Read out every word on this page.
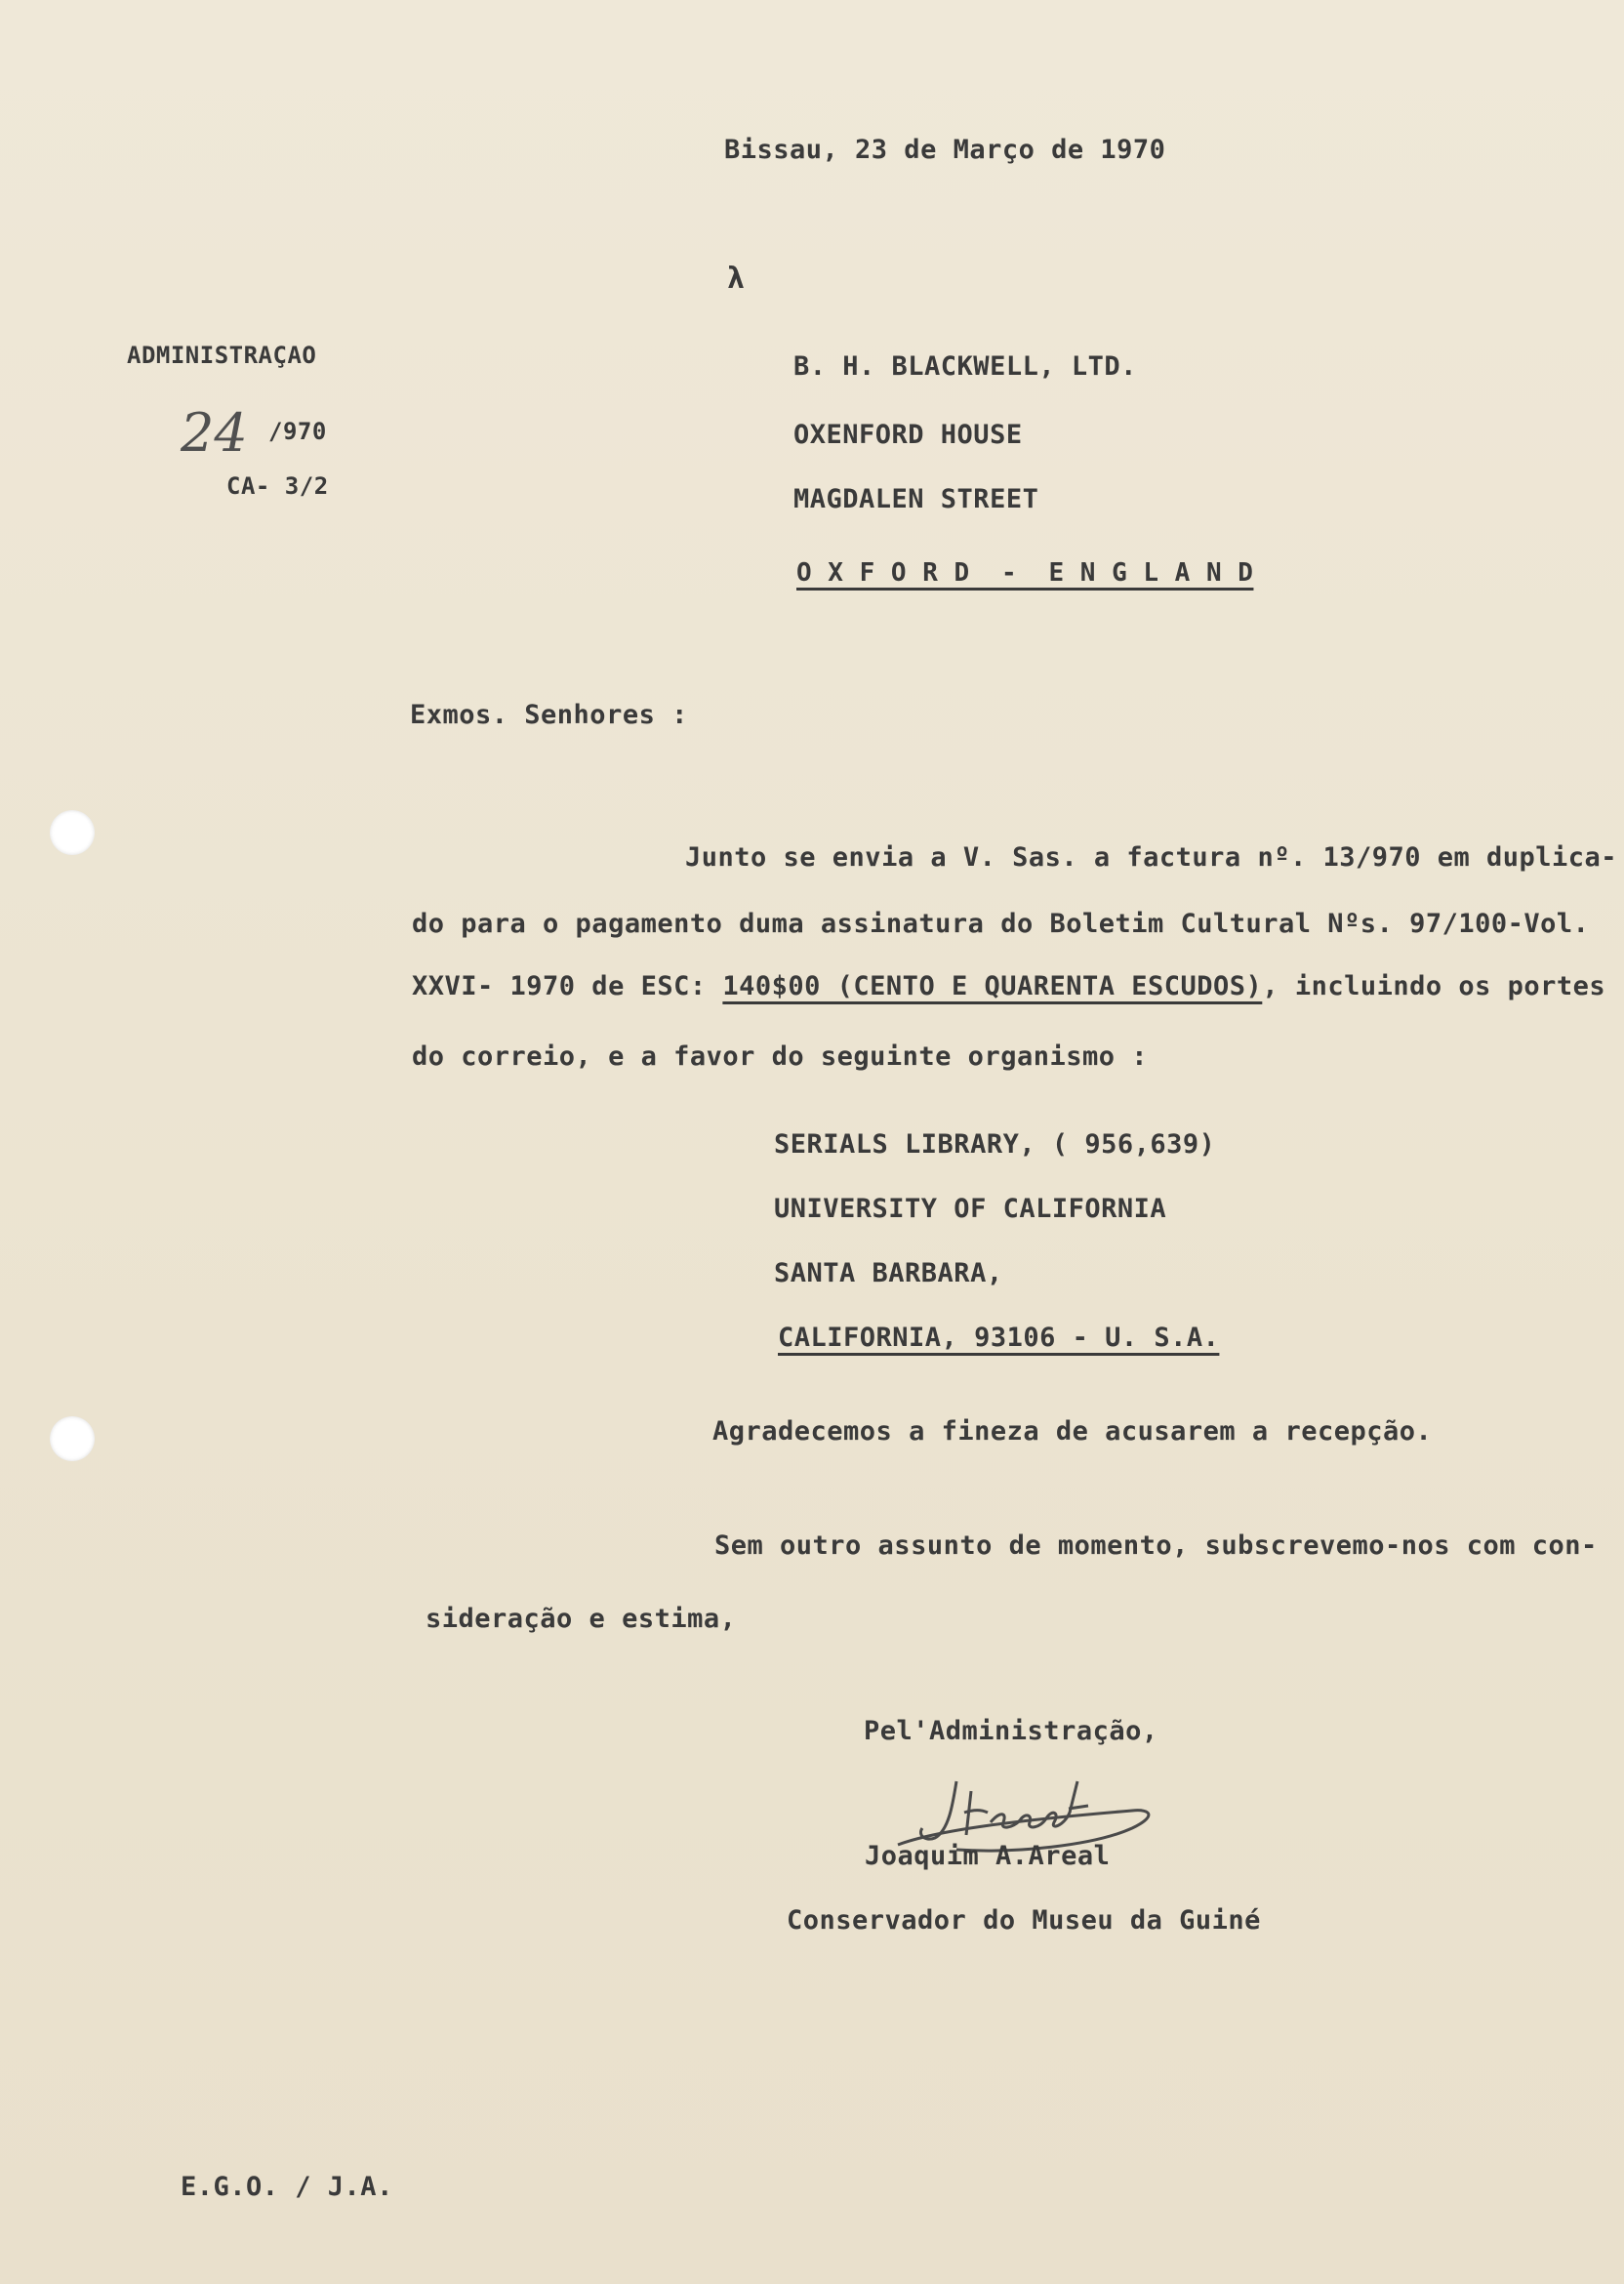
Bissau, 23 de Março de 1970
λ
ADMINISTRAÇAO
24 /970
CA- 3/2
B. H. BLACKWELL, LTD.
OXENFORD HOUSE
MAGDALEN STREET
O X F O R D  -  E N G L A N D
Exmos. Senhores :
Junto se envia a V. Sas. a factura nº. 13/970 em duplica-
do para o pagamento duma assinatura do Boletim Cultural Nºs. 97/100-Vol.
XXVI- 1970 de ESC: 140$00 (CENTO E QUARENTA ESCUDOS), incluindo os portes
do correio, e a favor do seguinte organismo :
SERIALS LIBRARY, ( 956,639)
UNIVERSITY OF CALIFORNIA
SANTA BARBARA,
CALIFORNIA, 93106 - U. S.A.
Agradecemos a fineza de acusarem a recepção.
Sem outro assunto de momento, subscrevemo-nos com con-
sideração e estima,
Pel'Administração,
Joaquim A.Areal
Conservador do Museu da Guiné
E.G.O. / J.A.
